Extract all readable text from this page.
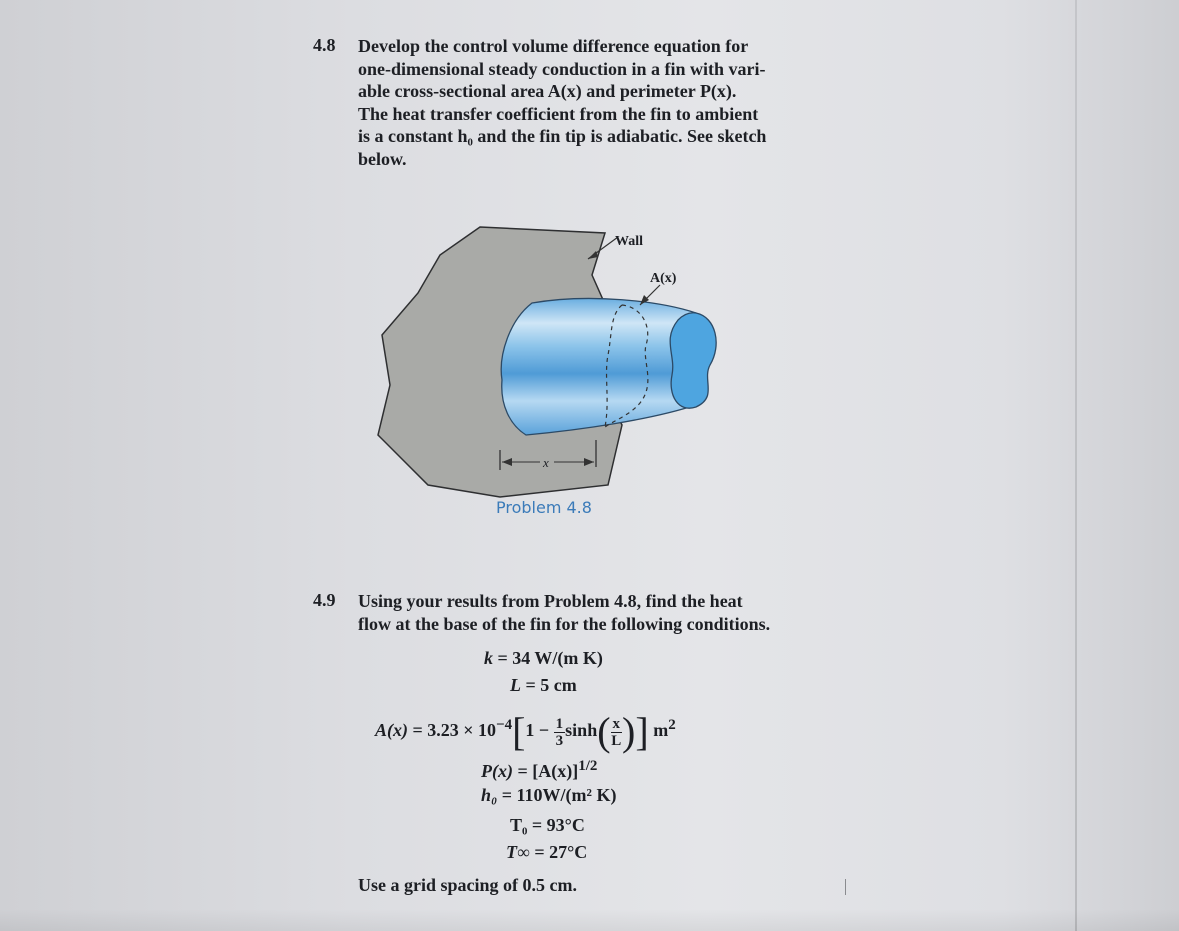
4.8 Develop the control volume difference equation for
one-dimensional steady conduction in a fin with vari-
able cross-sectional area A(x) and perimeter P(x).
The heat transfer coefficient from the fin to ambient
is a constant h₀ and the fin tip is adiabatic. See sketch
below.
Wall
A(x)
x
Problem 4.8
4.9 Using your results from Problem 4.8, find the heat
flow at the base of the fin for the following conditions.
k = 34 W/(m K)
L = 5 cm
$A(x) = 3.23 \times 10^{-4}[1 - \frac{1}{3} \sinh( \frac{x}{L}$ )] $m^2$
$P(x) = [A(x)]^{1/2}$
h₀ = 110W/(m² K)
T₀ = 93°C
T∞ = 27°C
Use a grid spacing of 0.5 cm.
